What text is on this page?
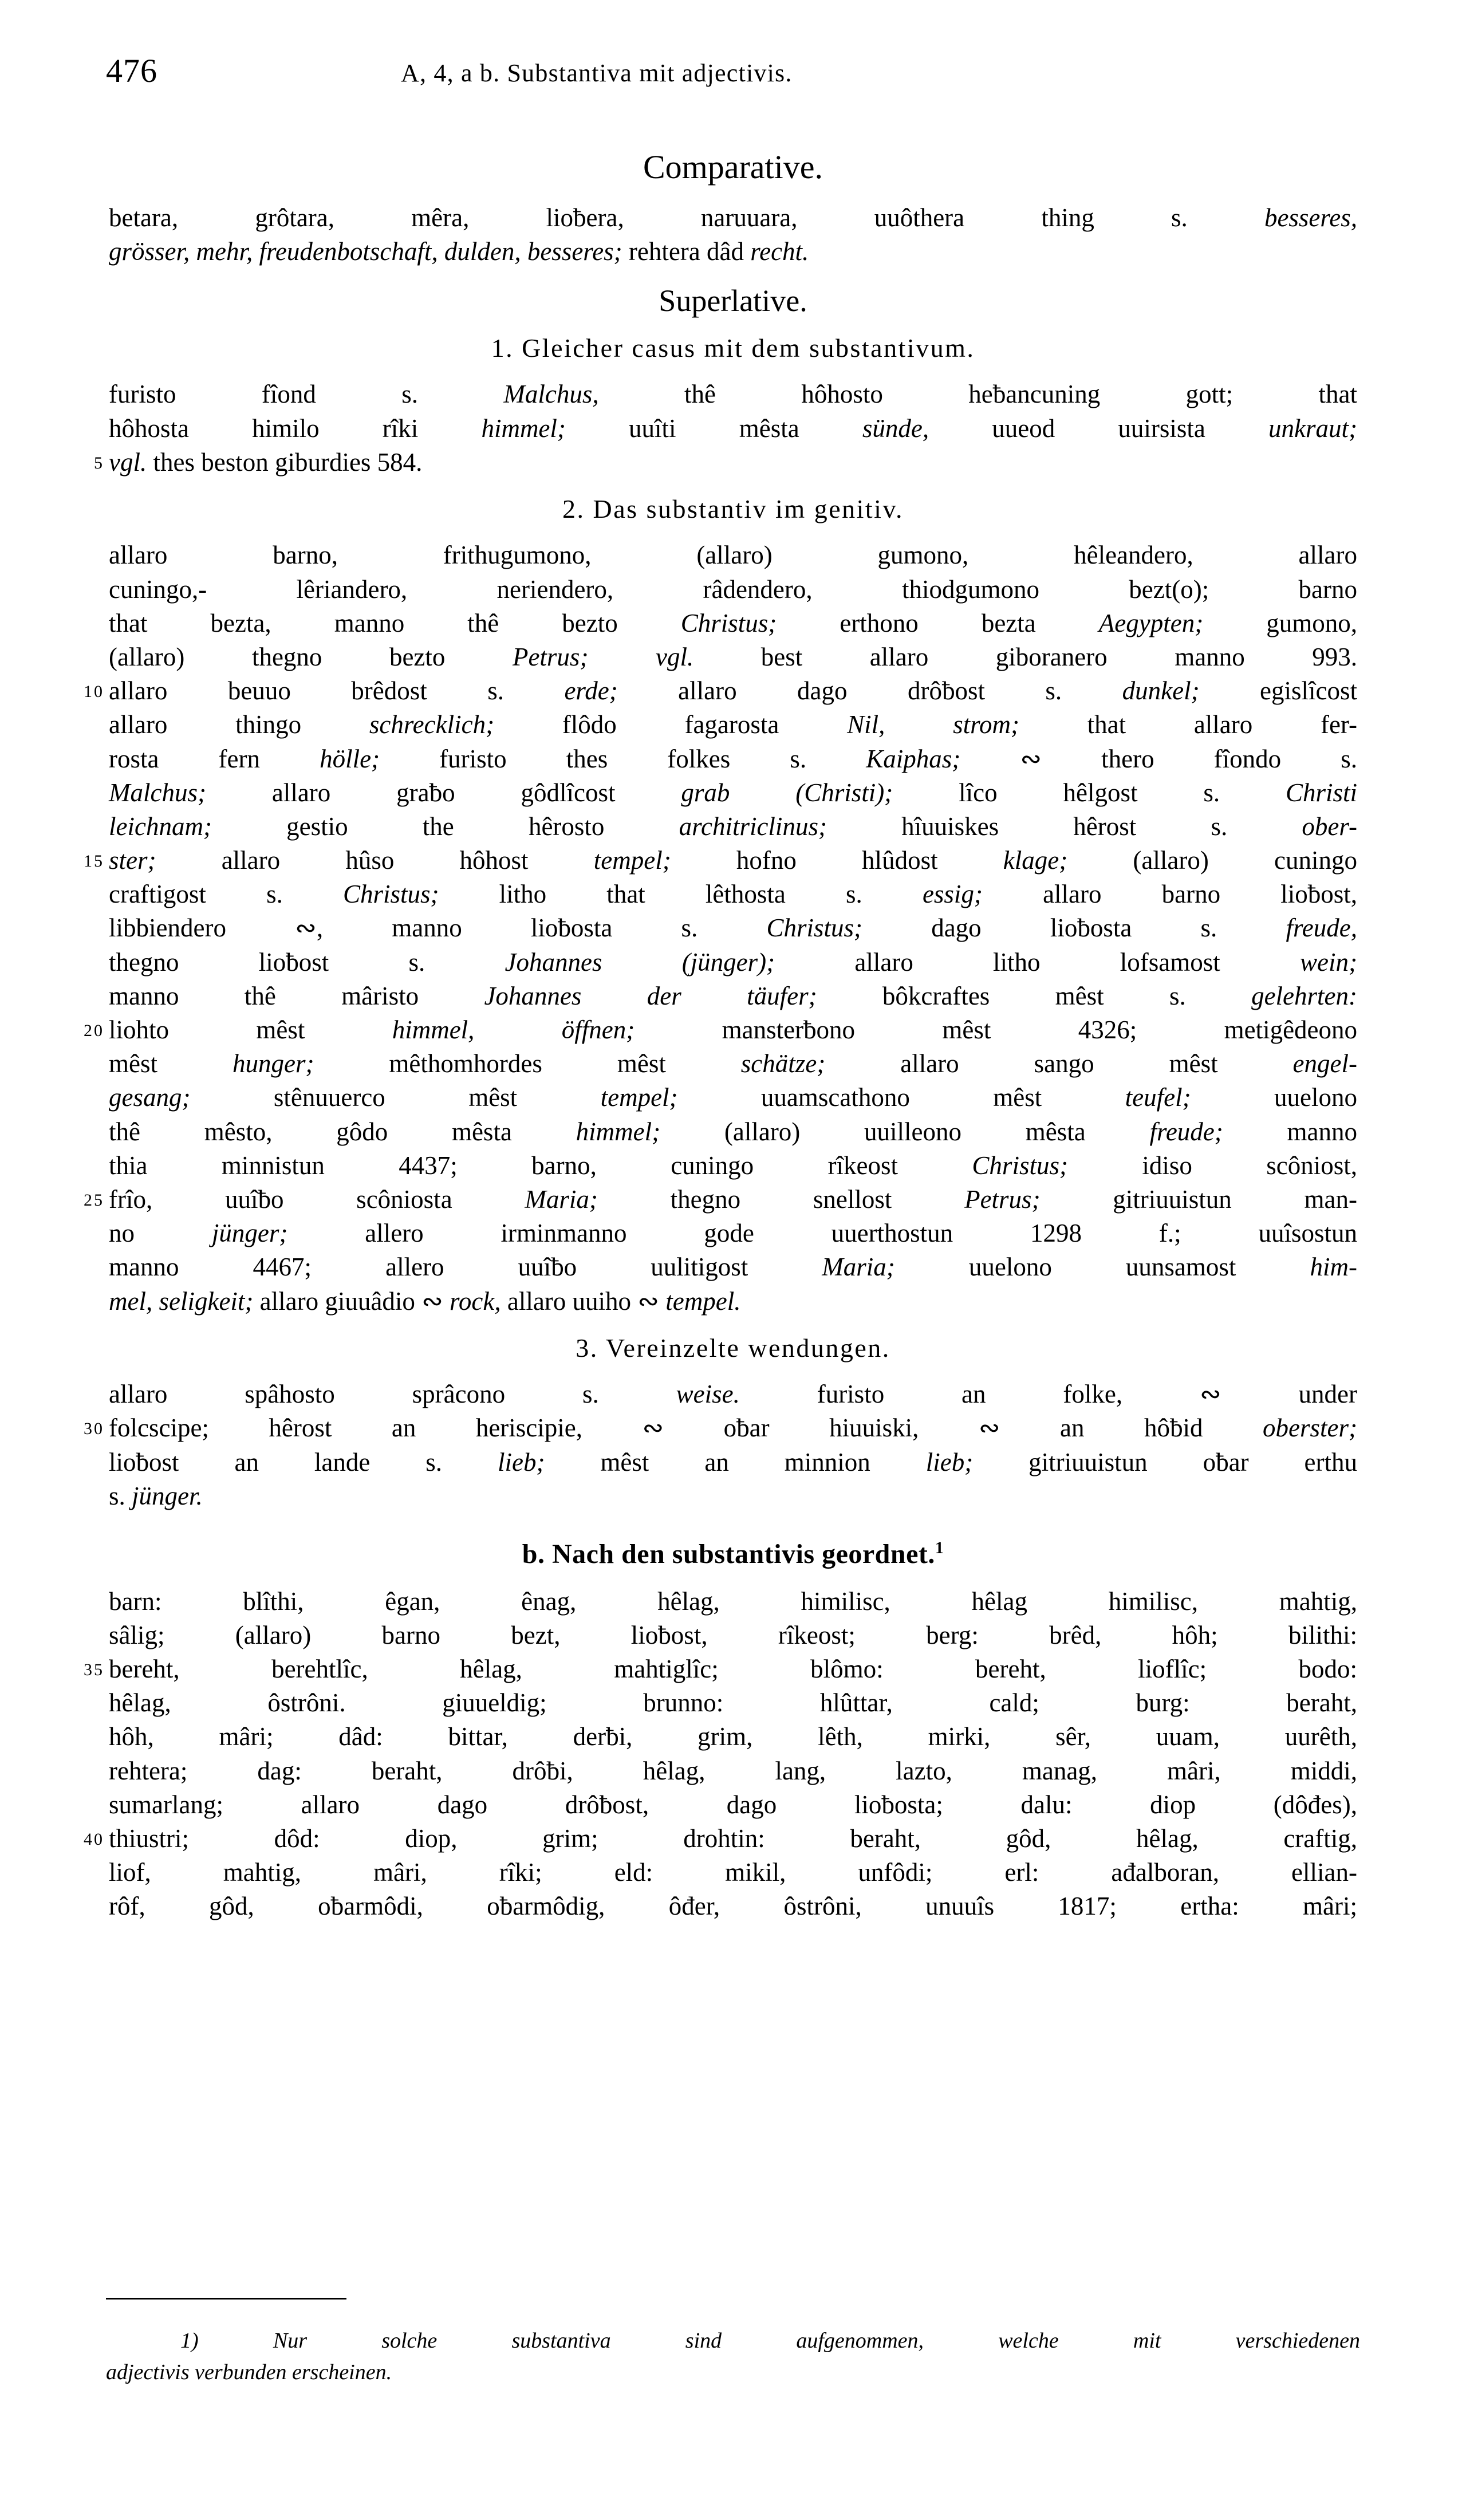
476	A, 4, a b. Substantiva mit adjectivis.
Comparative.
betara, grôtara, mêra, lioƀera, naruuara, uuôthera thing s. besseres,
grösser, mehr, freudenbotschaft, dulden, besseres; rehtera dâd recht.
Superlative.
1. Gleicher casus mit dem substantivum.
furisto fîond s. Malchus, thê hôhosto heƀancuning gott; that
hôhosta himilo rîki himmel; uuîti mêsta sünde, uueod uuirsista unkraut;
5 vgl. thes beston giburdies 584.
2. Das substantiv im genitiv.
allaro barno, frithugumono, (allaro) gumono, hêleandero, allaro
cuningo,‑ lêriandero, neriendero, râdendero, thiodgumono bezt(o); barno
that bezta, manno thê bezto Christus; erthono bezta Aegypten; gumono,
(allaro) thegno bezto Petrus;	vgl. best allaro giboranero manno 993.
10 allaro beuuo brêdost s. erde; allaro dago drôƀost s. dunkel; egislîcost
allaro thingo schrecklich; flôdo fagarosta Nil,	strom; that allaro fer-
rosta fern hölle; furisto thes folkes s. Kaiphas; ∾ thero fîondo s.
Malchus; allaro graƀo gôdlîcost grab	(Christi); lîco hêlgost s. Christi
leichnam; gestio the hêrosto architriclinus; hîuuiskes hêrost s. ober-
15 ster; allaro hûso hôhost tempel; hofno hlûdost klage; (allaro) cuningo
craftigost s. Christus; litho that lêthosta s. essig; allaro barno lioƀost,
libbiendero ∾, manno lioƀosta s. Christus; dago lioƀosta s. freude,
thegno lioƀost s. Johannes	(jünger); allaro litho lofsamost wein;
manno thê mâristo Johannes	der	täufer; bôkcraftes mêst s. gelehrten:
20 liohto mêst himmel,	öffnen; mansterƀono mêst 4326; metigêdeono
mêst hunger; mêthomhordes mêst schätze; allaro sango mêst engel-
gesang; stênuuerco mêst tempel; uuamscathono mêst teufel; uuelono
thê mêsto, gôdo mêsta himmel; (allaro) uuilleono mêsta freude; manno
thia minnistun 4437; barno, cuningo rîkeost Christus; idiso scôniost,
25 frîo, uuîƀo scôniosta Maria; thegno snellost Petrus; gitriuuistun man-
no jünger; allero irminmanno gode uuerthostun 1298 f.; uuîsostun
manno 4467; allero uuîƀo uulitigost Maria; uuelono uunsamost him-
mel, seligkeit; allaro giuuâdio ∾ rock, allaro uuiho ∾ tempel.
3. Vereinzelte wendungen.
allaro spâhosto sprâcono s. weise. furisto an folke, ∾ under
30 folcscipe; hêrost an heriscipie, ∾ oƀar hiuuiski, ∾ an hôƀid oberster;
lioƀost an lande s. lieb; mêst an minnion lieb; gitriuuistun oƀar erthu
s. jünger.
b. Nach den substantivis geordnet.$^1$
barn: blîthi, êgan, ênag, hêlag, himilisc, hêlag himilisc, mahtig,
sâlig; (allaro) barno bezt, lioƀost, rîkeost; berg: brêd, hôh; bilithi:
35 bereht, berehtlîc, hêlag, mahtiglîc; blômo: bereht, lioflîc; bodo:
hêlag, ôstrôni. giuueldig; brunno: hlûttar, cald; burg: beraht,
hôh, mâri; dâd: bittar, derƀi, grim, lêth, mirki, sêr, uuam, uurêth,
rehtera; dag: beraht, drôƀi, hêlag, lang, lazto, manag, mâri, middi,
sumarlang; allaro dago drôƀost, dago lioƀosta; dalu: diop (dôđes),
40 thiustri; dôd: diop, grim; drohtin: beraht, gôd, hêlag, craftig,
liof, mahtig, mâri, rîki; eld: mikil, unfôdi; erl: ađalboran, ellian-
rôf, gôd, oƀarmôdi, oƀarmôdig, ôđer, ôstrôni, unuuîs 1817; ertha: mâri;
1)	Nur solche substantiva sind aufgenommen, welche mit verschiedenen
adjectivis verbunden erscheinen.
